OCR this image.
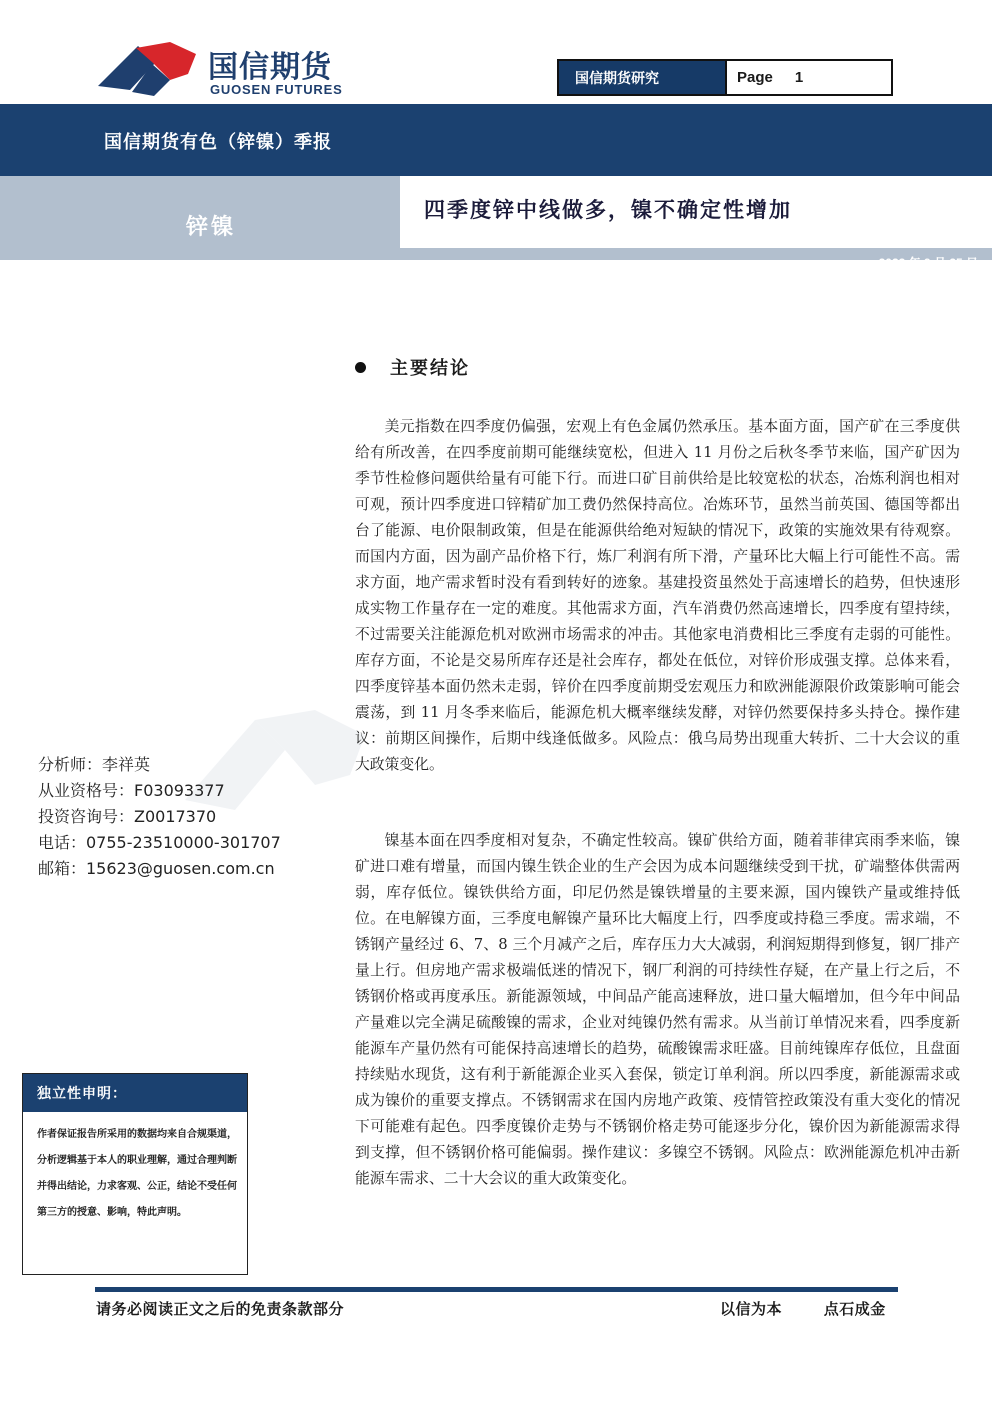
国信期货
GUOSEN FUTURES
国信期货研究	Page 1
国信期货有色（锌镍）季报
四季度锌中线做多，镍不确定性增加
锌镍
2022 年 9 月 25 日
主要结论

美元指数在四季度仍偏强，宏观上有色金属仍然承压。基本面方面，国产矿在三季度供给有所改善，在四季度前期可能继续宽松，但进入 11 月份之后秋冬季节来临，国产矿因为季节性检修问题供给量有可能下行。而进口矿目前供给是比较宽松的状态，冶炼利润也相对可观，预计四季度进口锌精矿加工费仍然保持高位。冶炼环节，虽然当前英国、德国等都出台了能源、电价限制政策，但是在能源供给绝对短缺的情况下，政策的实施效果有待观察。而国内方面，因为副产品价格下行，炼厂利润有所下滑，产量环比大幅上行可能性不高。需求方面，地产需求暂时没有看到转好的迹象。基建投资虽然处于高速增长的趋势，但快速形成实物工作量存在一定的难度。其他需求方面，汽车消费仍然高速增长，四季度有望持续，不过需要关注能源危机对欧洲市场需求的冲击。其他家电消费相比三季度有走弱的可能性。库存方面，不论是交易所库存还是社会库存，都处在低位，对锌价形成强支撑。总体来看，四季度锌基本面仍然未走弱，锌价在四季度前期受宏观压力和欧洲能源限价政策影响可能会震荡，到 11 月冬季来临后，能源危机大概率继续发酵，对锌仍然要保持多头持仓。操作建议：前期区间操作，后期中线逢低做多。风险点：俄乌局势出现重大转折、二十大会议的重大政策变化。

镍基本面在四季度相对复杂，不确定性较高。镍矿供给方面，随着菲律宾雨季来临，镍矿进口难有增量，而国内镍生铁企业的生产会因为成本问题继续受到干扰，矿端整体供需两弱，库存低位。镍铁供给方面，印尼仍然是镍铁增量的主要来源，国内镍铁产量或维持低位。在电解镍方面，三季度电解镍产量环比大幅度上行，四季度或持稳三季度。需求端，不锈钢产量经过 6、7、8 三个月减产之后，库存压力大大减弱，利润短期得到修复，钢厂排产量上行。但房地产需求极端低迷的情况下，钢厂利润的可持续性存疑，在产量上行之后，不锈钢价格或再度承压。新能源领域，中间品产能高速释放，进口量大幅增加，但今年中间品产量难以完全满足硫酸镍的需求，企业对纯镍仍然有需求。从当前订单情况来看，四季度新能源车产量仍然有可能保持高速增长的趋势，硫酸镍需求旺盛。目前纯镍库存低位，且盘面持续贴水现货，这有利于新能源企业买入套保，锁定订单利润。所以四季度，新能源需求或成为镍价的重要支撑点。不锈钢需求在国内房地产政策、疫情管控政策没有重大变化的情况下可能难有起色。四季度镍价走势与不锈钢价格走势可能逐步分化，镍价因为新能源需求得到支撑，但不锈钢价格可能偏弱。操作建议：多镍空不锈钢。风险点：欧洲能源危机冲击新能源车需求、二十大会议的重大政策变化。

分析师：李祥英
从业资格号：F03093377
投资咨询号：Z0017370
电话：0755-23510000-301707
邮箱：15623@guosen.com.cn
独立性申明：
作者保证报告所采用的数据均来自合规渠道，分析逻辑基于本人的职业理解，通过合理判断 并得出结论，力求客观、公正，结论不受任何第三方的授意、影响，特此声明。
请务必阅读正文之后的免责条款部分	以信为本	点石成金
